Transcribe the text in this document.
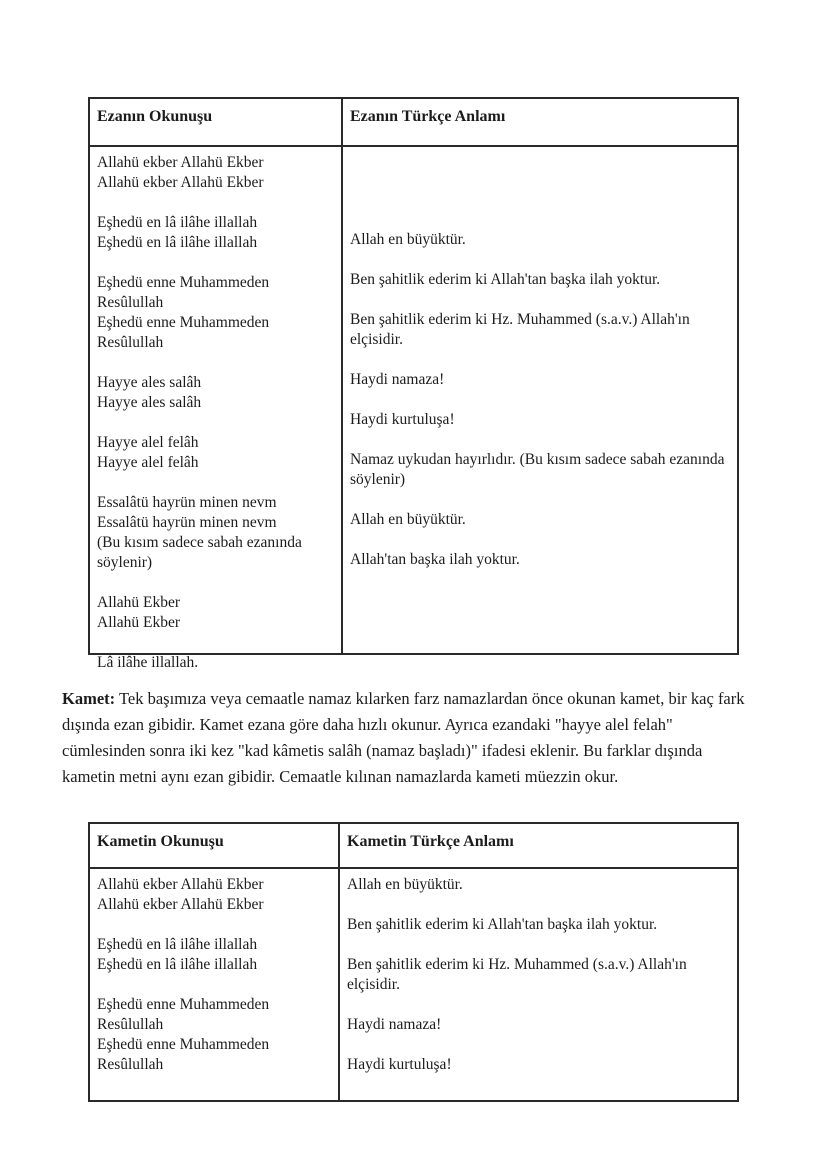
Ezanın Okunuşu	Ezanın Türkçe Anlamı
Allahü ekber Allahü Ekber
Allahü ekber Allahü Ekber
Eşhedü en lâ ilâhe illallah
Eşhedü en lâ ilâhe illallah
Eşhedü enne Muhammeden Resûlullah
Eşhedü enne Muhammeden Resûlullah
Hayye ales salâh
Hayye ales salâh
Hayye alel felâh
Hayye alel felâh
Essalâtü hayrün minen nevm
Essalâtü hayrün minen nevm
(Bu kısım sadece sabah ezanında söylenir)
Allahü Ekber
Allahü Ekber
Lâ ilâhe illallah.
Allah en büyüktür.
Ben şahitlik ederim ki Allah'tan başka ilah yoktur.
Ben şahitlik ederim ki Hz. Muhammed (s.a.v.) Allah'ın elçisidir.
Haydi namaza!
Haydi kurtuluşa!
Namaz uykudan hayırlıdır. (Bu kısım sadece sabah ezanında söylenir)
Allah en büyüktür.
Allah'tan başka ilah yoktur.

Kamet: Tek başımıza veya cemaatle namaz kılarken farz namazlardan önce okunan kamet, bir kaç fark dışında ezan gibidir. Kamet ezana göre daha hızlı okunur. Ayrıca ezandaki "hayye alel felah" cümlesinden sonra iki kez "kad kâmetis salâh (namaz başladı)" ifadesi eklenir. Bu farklar dışında kametin metni aynı ezan gibidir. Cemaatle kılınan namazlarda kameti müezzin okur.

Kametin Okunuşu	Kametin Türkçe Anlamı
Allahü ekber Allahü Ekber
Allahü ekber Allahü Ekber
Eşhedü en lâ ilâhe illallah
Eşhedü en lâ ilâhe illallah
Eşhedü enne Muhammeden
Resûlullah
Eşhedü enne Muhammeden
Resûlullah
Allah en büyüktür.
Ben şahitlik ederim ki Allah'tan başka ilah yoktur.
Ben şahitlik ederim ki Hz. Muhammed (s.a.v.) Allah'ın elçisidir.
Haydi namaza!
Haydi kurtuluşa!
